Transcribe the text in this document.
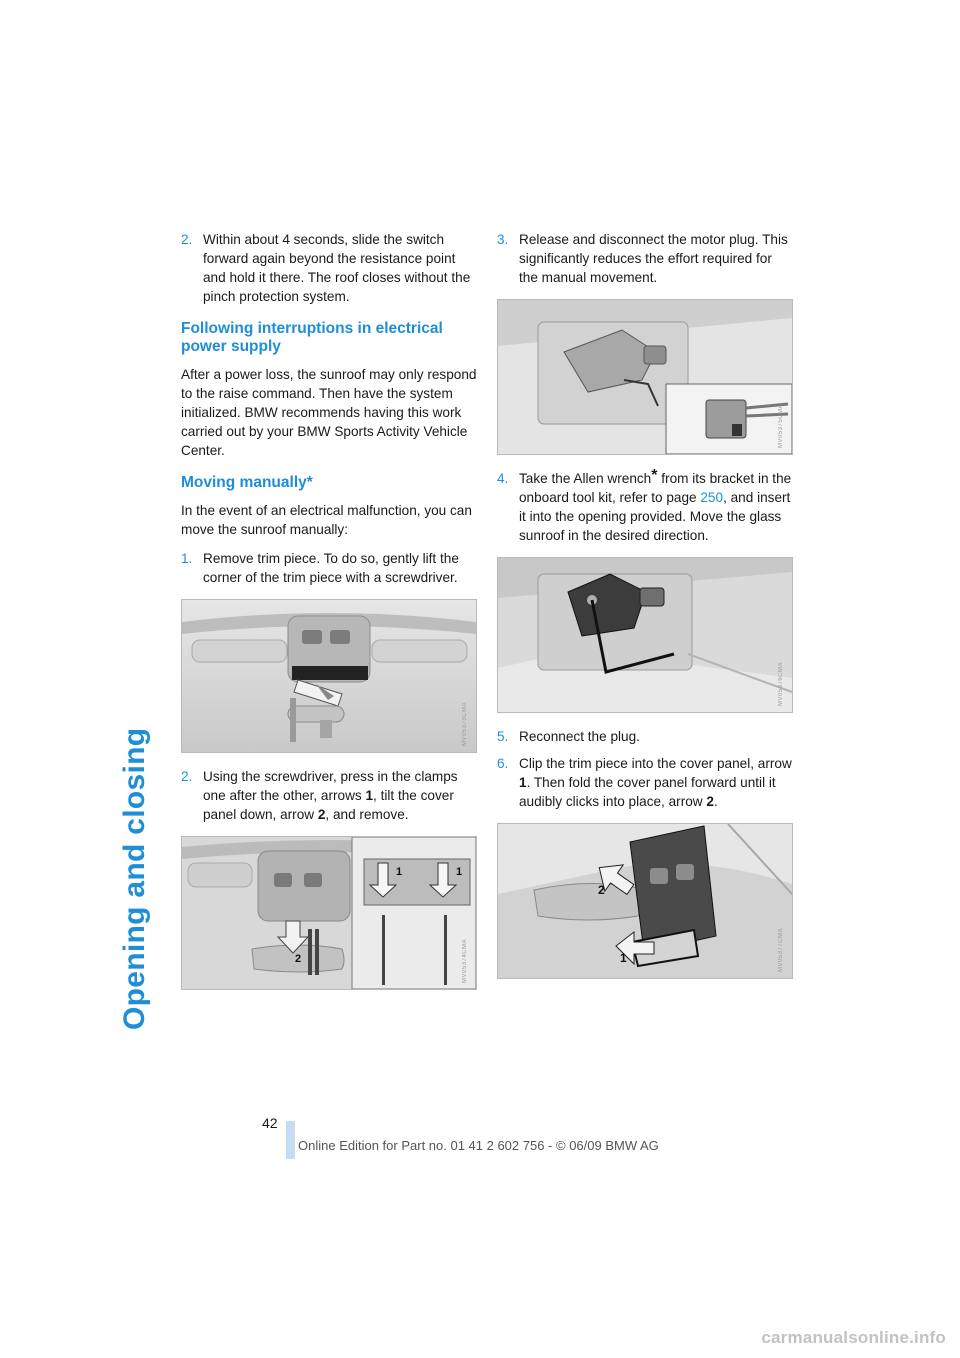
Opening and closing
2. Within about 4 seconds, slide the switch forward again beyond the resistance point and hold it there. The roof closes without the pinch protection system.
Following interruptions in electrical power supply

After a power loss, the sunroof may only respond to the raise command. Then have the system initialized. BMW recommends having this work carried out by your BMW Sports Activity Vehicle Center.

Moving manually*

In the event of an electrical malfunction, you can move the sunroof manually:

1. Remove trim piece. To do so, gently lift the corner of the trim piece with a screwdriver.
MV05373CMA
2. Using the screwdriver, press in the clamps one after the other, arrows 1, tilt the cover panel down, arrow 2, and remove.
2
1	1
MV05374CMA
3. Release and disconnect the motor plug. This significantly reduces the effort required for the manual movement.
MV05375CMA
4. Take the Allen wrench* from its bracket in the onboard tool kit, refer to page 250, and insert it into the opening provided. Move the glass sunroof in the desired direction.
MV05376CMA
5. Reconnect the plug.
6. Clip the trim piece into the cover panel, arrow 1. Then fold the cover panel forward until it audibly clicks into place, arrow 2.
2
1	MV05377CMA
42
Online Edition for Part no. 01 41 2 602 756 - © 06/09 BMW AG
carmanualsonline.info
